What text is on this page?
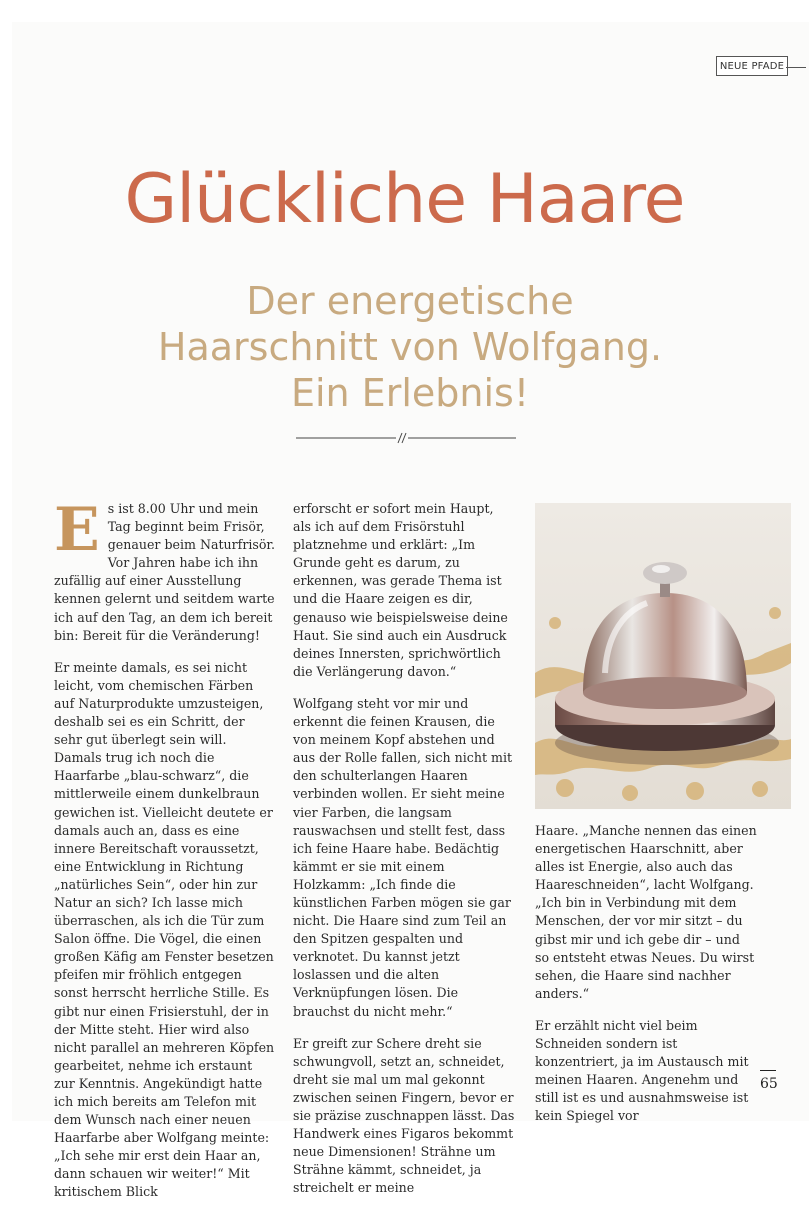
NEUE PFADE
Glückliche Haare
Der energetische Haarschnitt von Wolfgang. Ein Erlebnis!

Es ist 8.00 Uhr und mein Tag beginnt beim Frisör, genauer beim Naturfrisör. Vor Jahren habe ich ihn zufällig auf einer Ausstellung kennen gelernt und seitdem warte ich auf den Tag, an dem ich bereit bin: Bereit für die Veränderung!

Er meinte damals, es sei nicht leicht, vom chemischen Färben auf Naturprodukte umzusteigen, deshalb sei es ein Schritt, der sehr gut überlegt sein will. Damals trug ich noch die Haarfarbe „blau-schwarz“, die mittlerweile einem dunkelbraun gewichen ist. Vielleicht deutete er damals auch an, dass es eine innere Bereitschaft voraussetzt, eine Entwicklung in Richtung „natürliches Sein“, oder hin zur Natur an sich? Ich lasse mich überraschen, als ich die Tür zum Salon öffne. Die Vögel, die einen großen Käfig am Fenster besetzen pfeifen mir fröhlich entgegen sonst herrscht herrliche Stille. Es gibt nur einen Frisierstuhl, der in der Mitte steht. Hier wird also nicht parallel an mehreren Köpfen gearbeitet, nehme ich erstaunt zur Kenntnis. Angekündigt hatte ich mich bereits am Telefon mit dem Wunsch nach einer neuen Haarfarbe aber Wolfgang meinte: „Ich sehe mir erst dein Haar an, dann schauen wir weiter!“ Mit kritischem Blick

erforscht er sofort mein Haupt, als ich auf dem Frisörstuhl platznehme und erklärt: „Im Grunde geht es darum, zu erkennen, was gerade Thema ist und die Haare zeigen es dir, genauso wie beispielsweise deine Haut. Sie sind auch ein Ausdruck deines Innersten, sprichwörtlich die Verlängerung davon.“

Wolfgang steht vor mir und erkennt die feinen Krausen, die von meinem Kopf abstehen und aus der Rolle fallen, sich nicht mit den schulterlangen Haaren verbinden wollen. Er sieht meine vier Farben, die langsam rauswachsen und stellt fest, dass ich feine Haare habe. Bedächtig kämmt er sie mit einem Holzkamm: „Ich finde die künstlichen Farben mögen sie gar nicht. Die Haare sind zum Teil an den Spitzen gespalten und verknotet. Du kannst jetzt loslassen und die alten Verknüpfungen lösen. Die brauchst du nicht mehr.“

Er greift zur Schere dreht sie schwungvoll, setzt an, schneidet, dreht sie mal um mal gekonnt zwischen seinen Fingern, bevor er sie präzise zuschnappen lässt. Das Handwerk eines Figaros bekommt neue Dimensionen! Strähne um Strähne kämmt, schneidet, ja streichelt er meine

Haare. „Manche nennen das einen energetischen Haarschnitt, aber alles ist Energie, also auch das Haareschneiden“, lacht Wolfgang. „Ich bin in Verbindung mit dem Menschen, der vor mir sitzt – du gibst mir und ich gebe dir – und so entsteht etwas Neues. Du wirst sehen, die Haare sind nachher anders.“

Er erzählt nicht viel beim Schneiden sondern ist konzentriert, ja im Austausch mit meinen Haaren. Angenehm und still ist es und ausnahmsweise ist kein Spiegel vor

65
